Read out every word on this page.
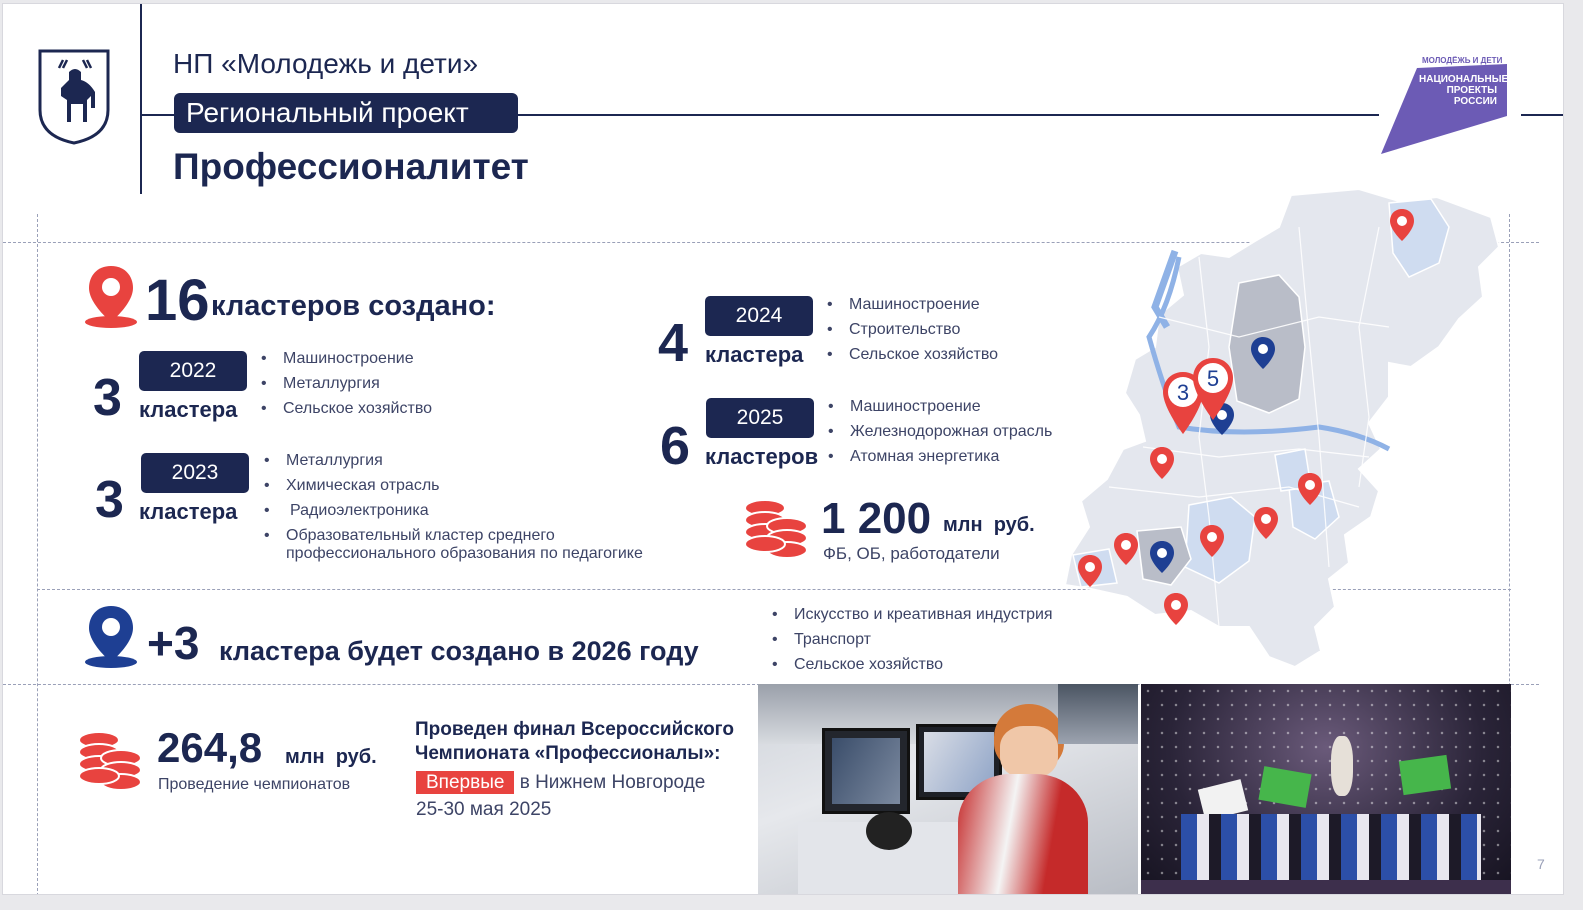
НП «Молодежь и дети»
Региональный проект
Профессионалитет
МОЛОДЁЖЬ И ДЕТИ
НАЦИОНАЛЬНЫЕ
ПРОЕКТЫ
РОССИИ
3
5
16 кластеров создано:
2022
3 кластера
• Машиностроение
• Металлургия
• Сельское хозяйство
2023
3 кластера
• Металлургия
• Химическая отрасль
• Радиоэлектроника
• Образовательный кластер среднего
профессионального образования по педагогике
2024
4 кластера
• Машиностроение
• Строительство
• Сельское хозяйство
2025
6 кластеров
• Машиностроение
• Железнодорожная отрасль
• Атомная энергетика
1 200 млн  руб.
ФБ, ОБ, работодатели
+3 кластера будет создано в 2026 году
• Искусство и креативная индустрия
• Транспорт
• Сельское хозяйство
264,8 млн  руб.
Проведение чемпионатов
Проведен финал Всероссийского
Чемпионата «Профессионалы»:
Впервые в Нижнем Новгороде
25-30 мая 2025
7
